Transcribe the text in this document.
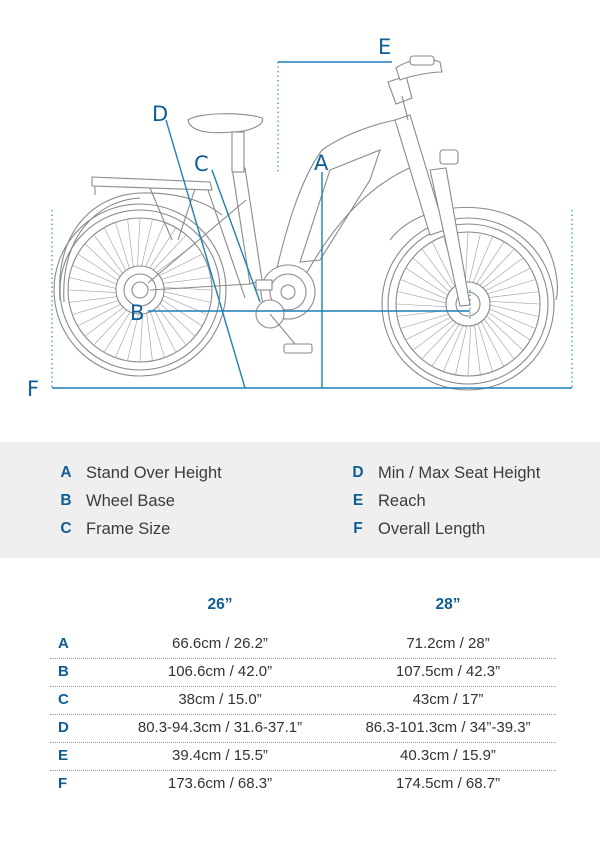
E
D
C	A
B
F
A Stand Over Height
B Wheel Base
C Frame Size
D Min / Max Seat Height
E Reach
F Overall Length
26”	28”
A	66.6cm / 26.2”	71.2cm / 28”
B	106.6cm / 42.0”	107.5cm / 42.3”
C	38cm / 15.0”	43cm / 17”
D	80.3-94.3cm / 31.6-37.1”	86.3-101.3cm / 34”-39.3”
E	39.4cm / 15.5”	40.3cm / 15.9”
F	173.6cm / 68.3”	174.5cm / 68.7”
